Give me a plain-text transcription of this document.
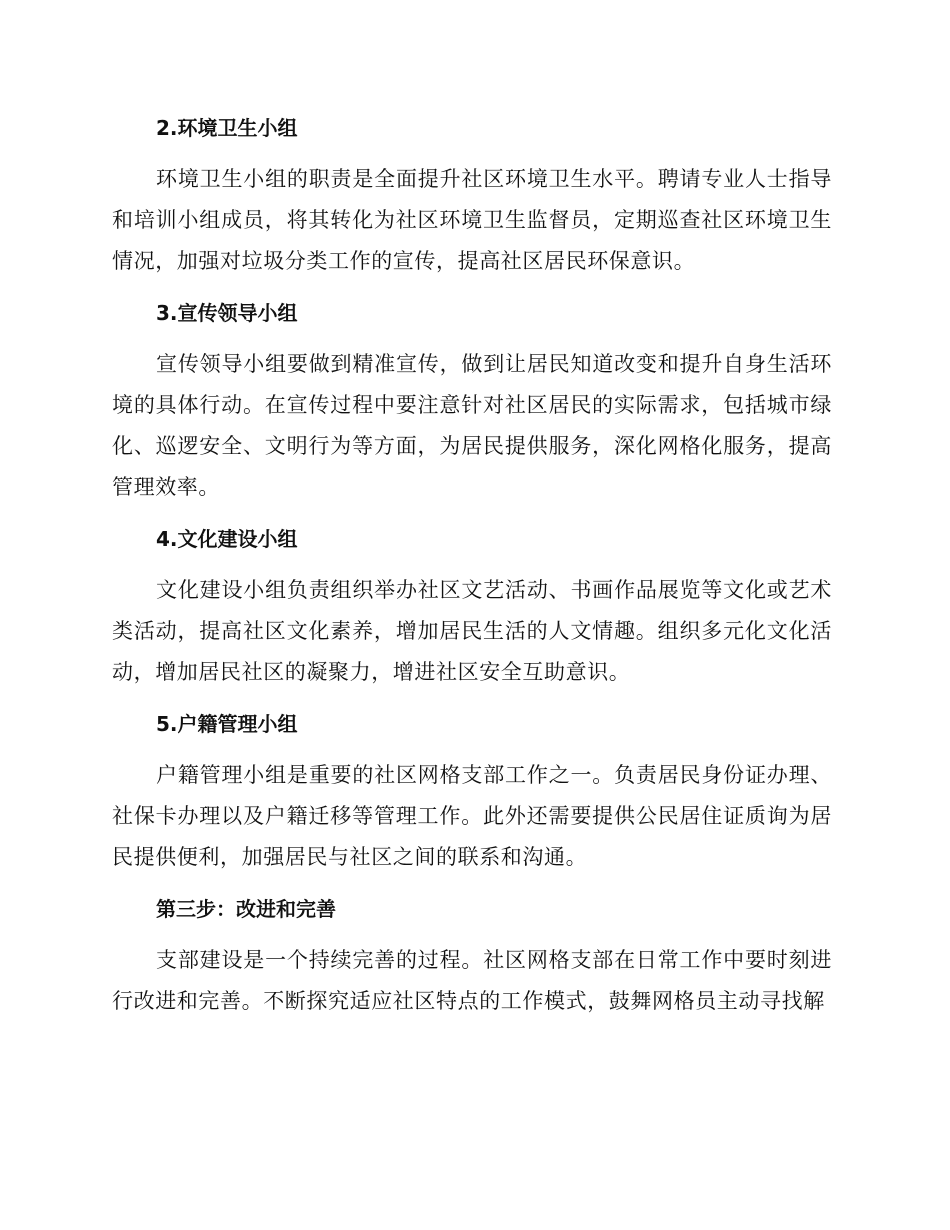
2.环境卫生小组

环境卫生小组的职责是全面提升社区环境卫生水平。聘请专业人士指导和培训小组成员，将其转化为社区环境卫生监督员，定期巡查社区环境卫生情况，加强对垃圾分类工作的宣传，提高社区居民环保意识。

3.宣传领导小组

宣传领导小组要做到精准宣传，做到让居民知道改变和提升自身生活环境的具体行动。在宣传过程中要注意针对社区居民的实际需求，包括城市绿化、巡逻安全、文明行为等方面，为居民提供服务，深化网格化服务，提高管理效率。

4.文化建设小组

文化建设小组负责组织举办社区文艺活动、书画作品展览等文化或艺术类活动，提高社区文化素养，增加居民生活的人文情趣。组织多元化文化活动，增加居民社区的凝聚力，增进社区安全互助意识。

5.户籍管理小组

户籍管理小组是重要的社区网格支部工作之一。负责居民身份证办理、社保卡办理以及户籍迁移等管理工作。此外还需要提供公民居住证质询为居民提供便利，加强居民与社区之间的联系和沟通。

第三步：改进和完善

支部建设是一个持续完善的过程。社区网格支部在日常工作中要时刻进行改进和完善。不断探究适应社区特点的工作模式，鼓舞网格员主动寻找解
